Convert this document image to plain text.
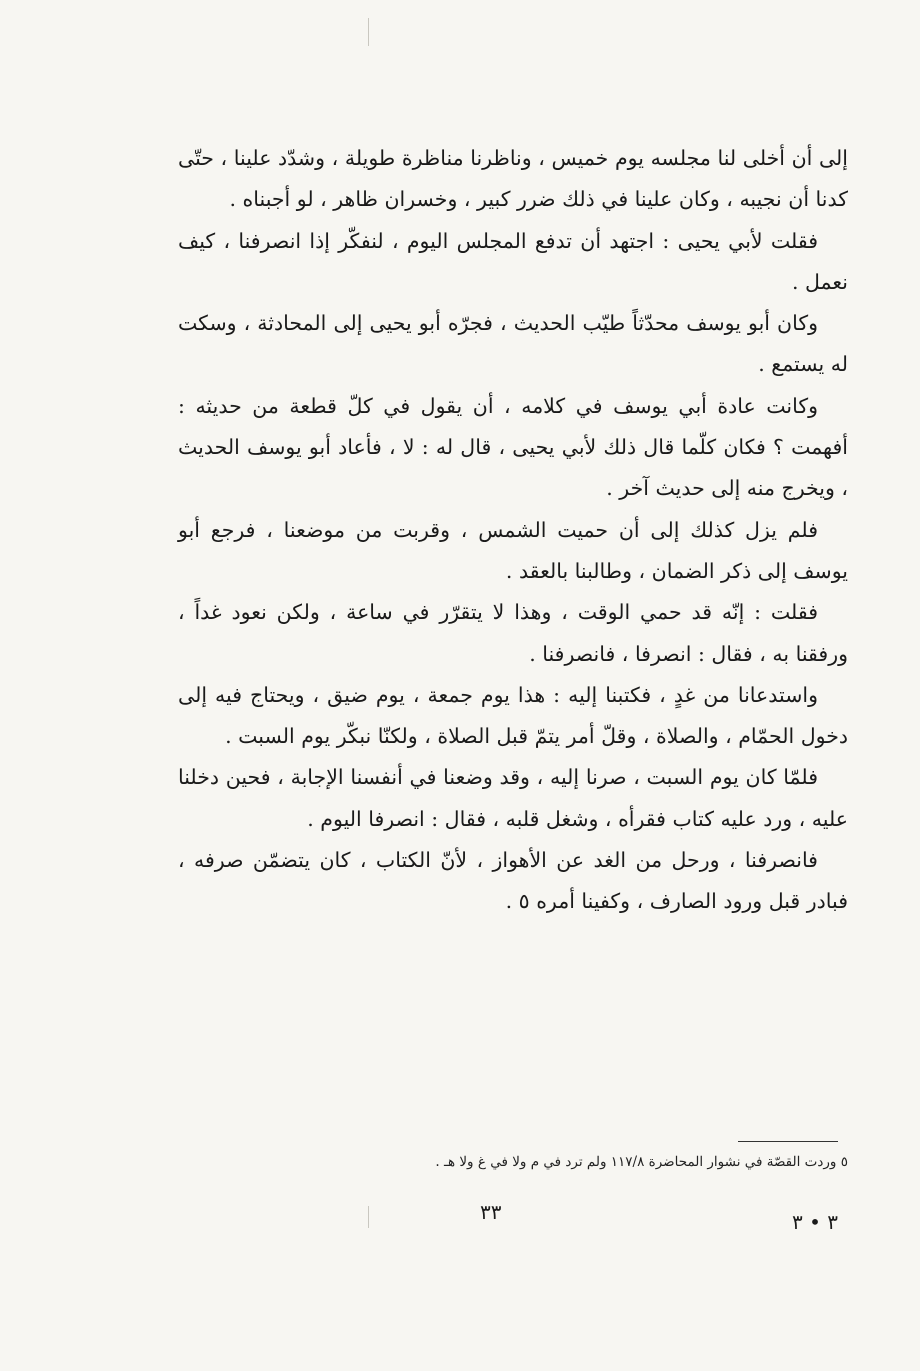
إلى أن أخلى لنا مجلسه يوم خميس ، وناظرنا مناظرة طويلة ، وشدّد علينا ، حتّى كدنا أن نجيبه ، وكان علينا في ذلك ضرر كبير ، وخسران ظاهر ، لو أجبناه .

فقلت لأبي يحيى : اجتهد أن تدفع المجلس اليوم ، لنفكّر إذا انصرفنا ، كيف نعمل .

وكان أبو يوسف محدّثاً طيّب الحديث ، فجرّه أبو يحيى إلى المحادثة ، وسكت له يستمع .

وكانت عادة أبي يوسف في كلامه ، أن يقول في كلّ قطعة من حديثه : أفهمت ؟ فكان كلّما قال ذلك لأبي يحيى ، قال له : لا ، فأعاد أبو يوسف الحديث ، ويخرج منه إلى حديث آخر .

فلم يزل كذلك إلى أن حميت الشمس ، وقربت من موضعنا ، فرجع أبو يوسف إلى ذكر الضمان ، وطالبنا بالعقد .

فقلت : إنّه قد حمي الوقت ، وهذا لا يتقرّر في ساعة ، ولكن نعود غداً ، ورفقنا به ، فقال : انصرفا ، فانصرفنا .

واستدعانا من غدٍ ، فكتبنا إليه : هذا يوم جمعة ، يوم ضيق ، ويحتاج فيه إلى دخول الحمّام ، والصلاة ، وقلّ أمر يتمّ قبل الصلاة ، ولكنّا نبكّر يوم السبت .

فلمّا كان يوم السبت ، صرنا إليه ، وقد وضعنا في أنفسنا الإجابة ، فحين دخلنا عليه ، ورد عليه كتاب فقرأه ، وشغل قلبه ، فقال : انصرفا اليوم .

فانصرفنا ، ورحل من الغد عن الأهواز ، لأنّ الكتاب ، كان يتضمّن صرفه ، فبادر قبل ورود الصارف ، وكفينا أمره ٥ .

٥ وردت القصّة في نشوار المحاضرة ١١٧/٨ ولم ترد في م ولا في غ ولا هـ .
٣٣	٣ • ٣
